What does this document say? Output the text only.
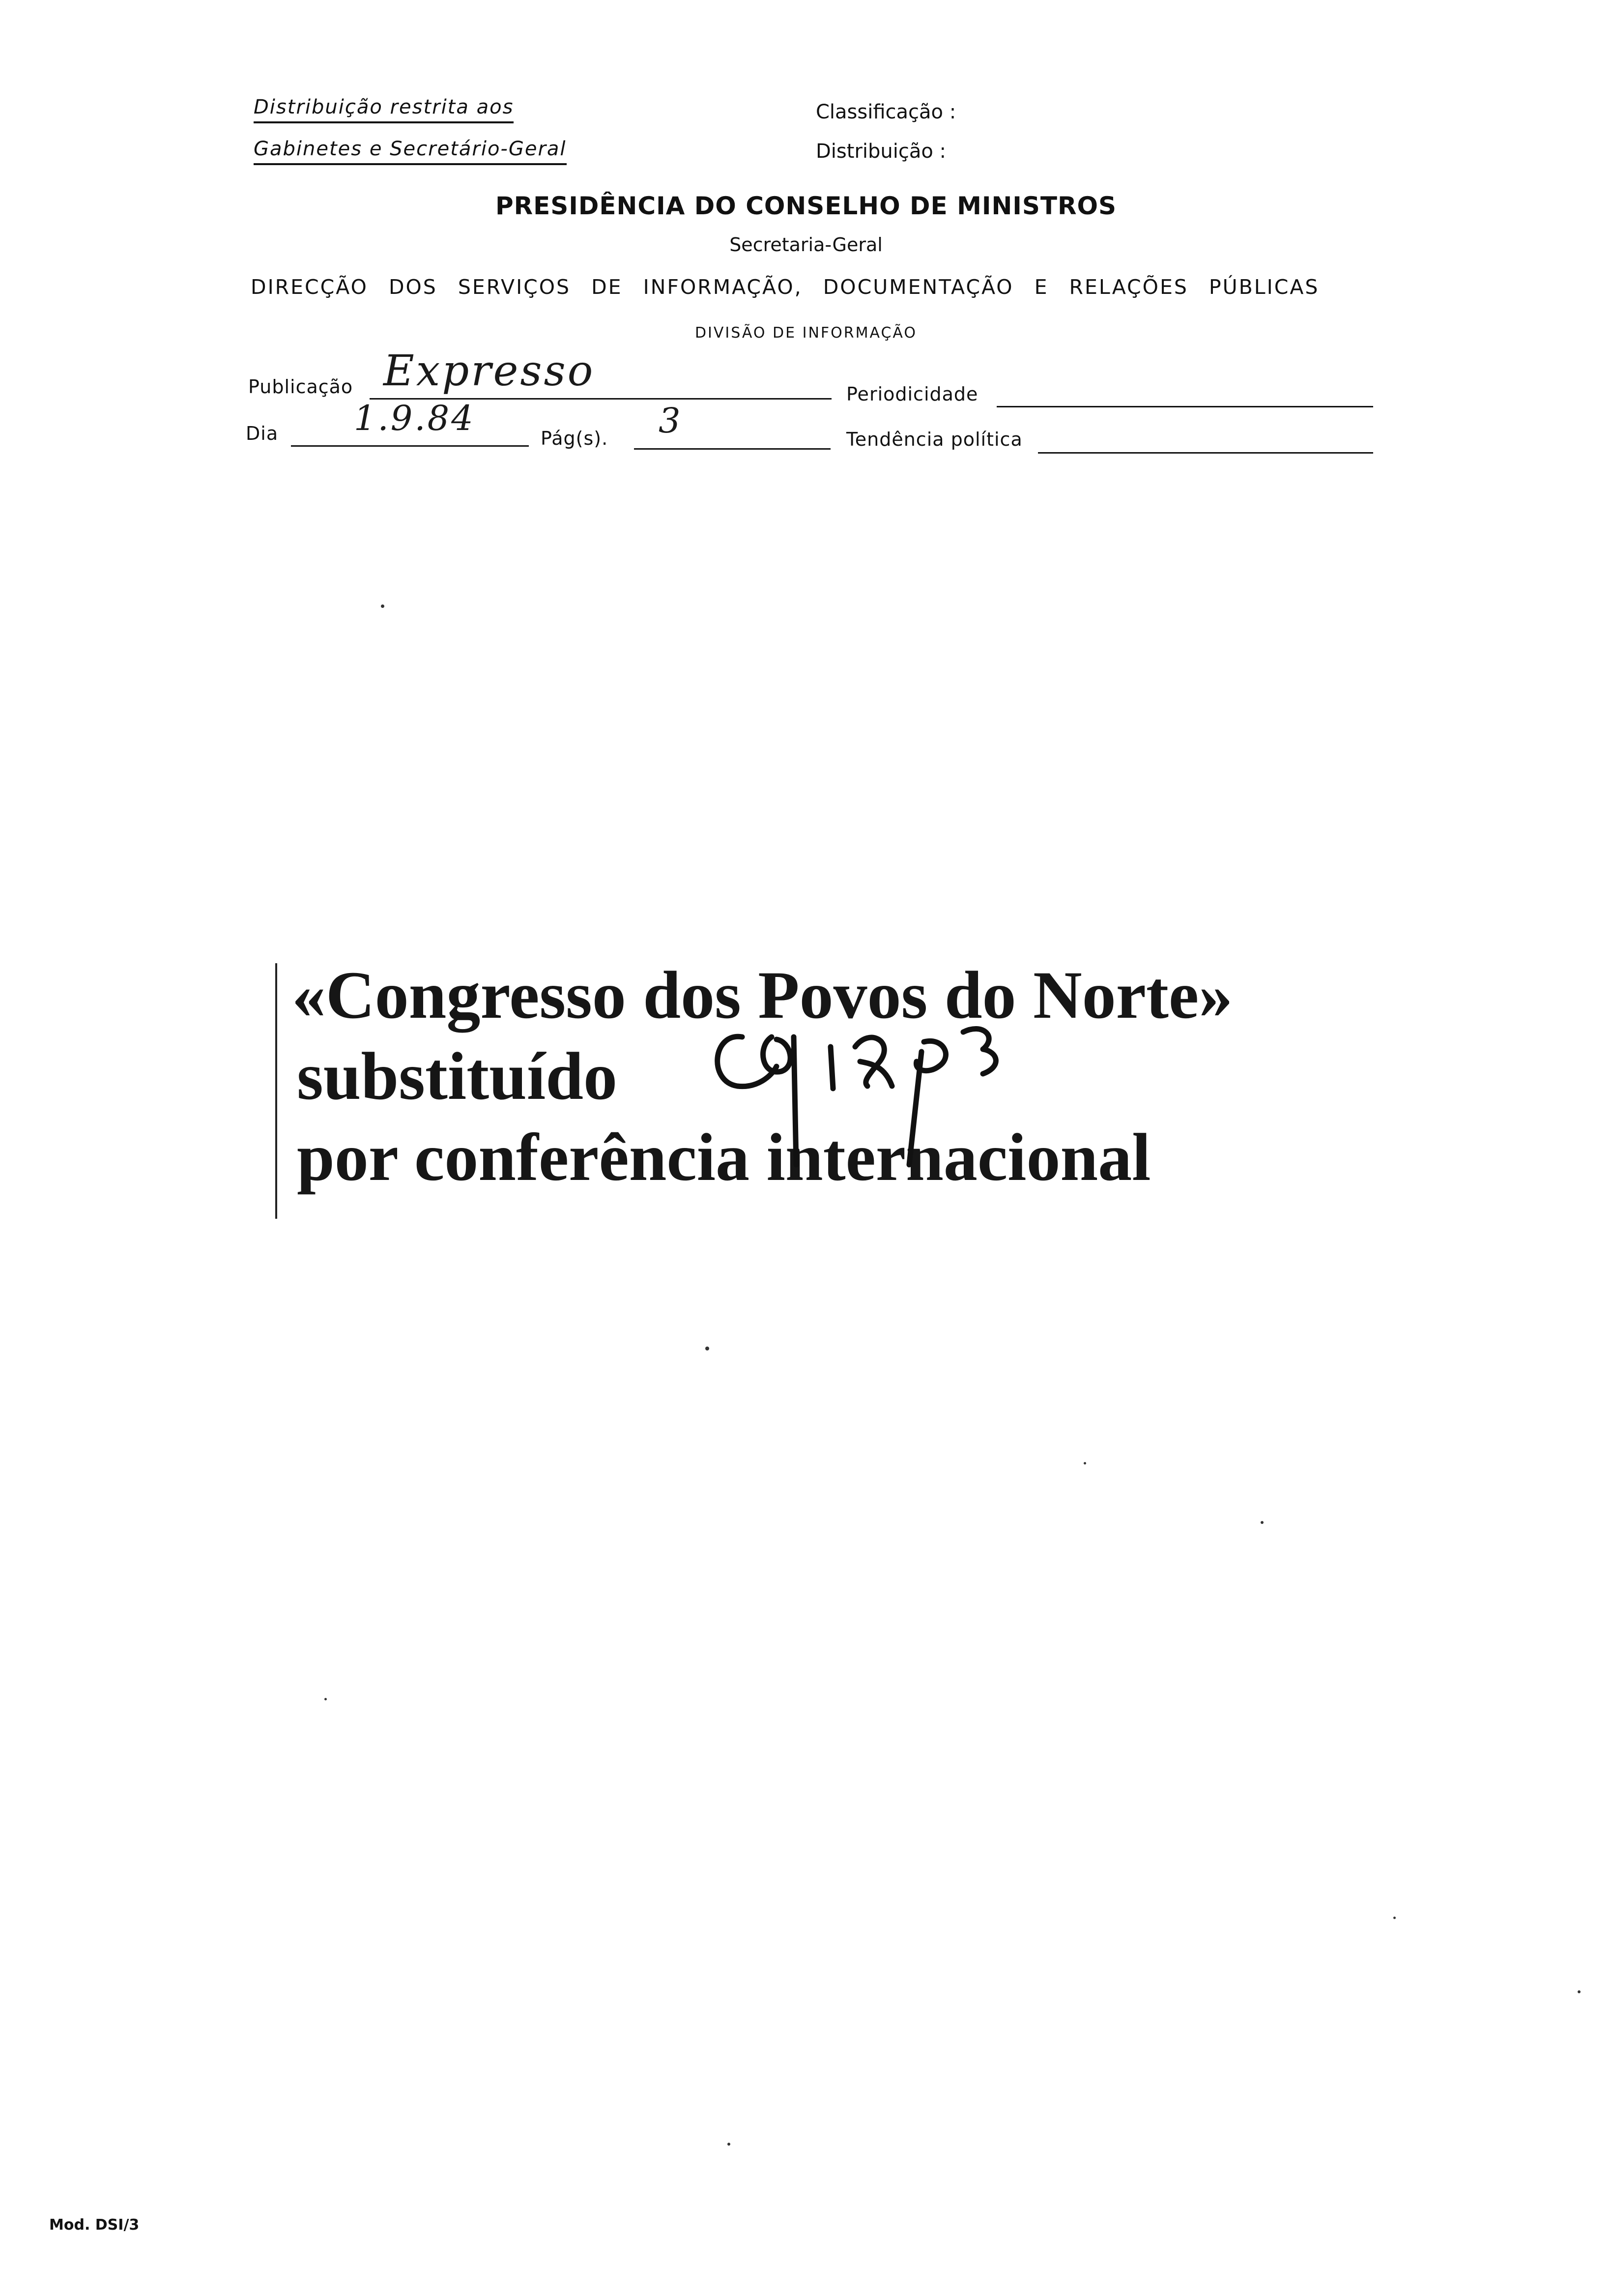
Distribuição restrita aos
Gabinetes e Secretário-Geral
Classificação :
Distribuição :
PRESIDÊNCIA DO CONSELHO DE MINISTROS
Secretaria-Geral
DIRECÇÃO DOS SERVIÇOS DE INFORMAÇÃO, DOCUMENTAÇÃO E RELAÇÕES PÚBLICAS
DIVISÃO DE INFORMAÇÃO
Publicação Expresso	Periodicidade
Dia 1.9.84	Pág(s). 3	Tendência política
«Congresso dos Povos do Norte»
substituído
por conferência internacional
Mod. DSI/3
